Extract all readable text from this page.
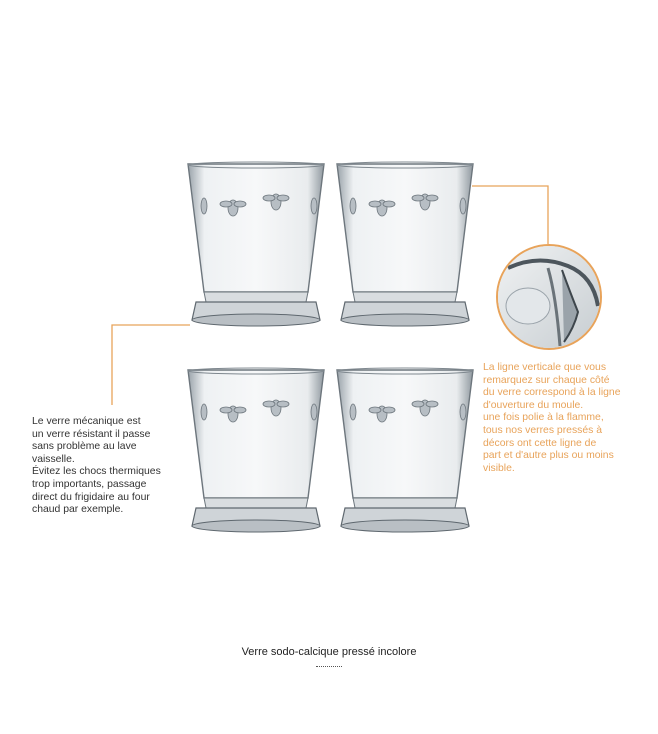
Le verre mécanique est

un verre résistant il passe

sans problème au lave

vaisselle.

Évitez les chocs thermiques

trop importants, passage

direct du frigidaire au four

chaud par exemple.

La ligne verticale que vous

remarquez sur chaque côté

du verre correspond à la ligne

d'ouverture du moule.

une fois polie à la flamme,

tous nos verres pressés à

décors ont cette ligne de

part et d'autre plus ou moins

visible.

Verre sodo-calcique pressé incolore
